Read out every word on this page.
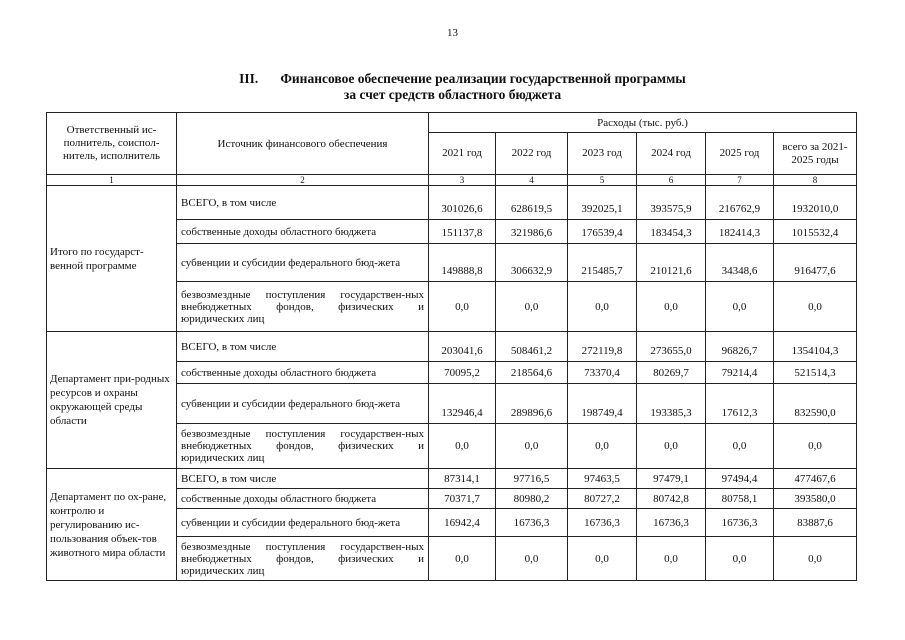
13
III. Финансовое обеспечение реализации государственной программы
за счет средств областного бюджета
Ответственный ис-полнитель, соиспол-нитель, исполнитель	Источник финансового обеспечения	Расходы (тыс. руб.)					
		2021 год	2022 год	2023 год	2024 год	2025 год	всего за 2021-2025 годы
1	2	3	4	5	6	7	8
Итого по государст-венной программе	ВСЕГО, в том числе	301026,6	628619,5	392025,1	393575,9	216762,9	1932010,0
	собственные доходы областного бюджета	151137,8	321986,6	176539,4	183454,3	182414,3	1015532,4
	субвенции и субсидии федерального бюд-жета	149888,8	306632,9	215485,7	210121,6	34348,6	916477,6
	безвозмездные поступления государствен-ных внебюджетных фондов, физических и юридических лиц	0,0	0,0	0,0	0,0	0,0	0,0
Департамент при-родных ресурсов и охраны окружающей среды области	ВСЕГО, в том числе	203041,6	508461,2	272119,8	273655,0	96826,7	1354104,3
	собственные доходы областного бюджета	70095,2	218564,6	73370,4	80269,7	79214,4	521514,3
	субвенции и субсидии федерального бюд-жета	132946,4	289896,6	198749,4	193385,3	17612,3	832590,0
	безвозмездные поступления государствен-ных внебюджетных фондов, физических и юридических лиц	0,0	0,0	0,0	0,0	0,0	0,0
Департамент по ох-ране, контролю и регулированию ис-пользования объек-тов животного мира области	ВСЕГО, в том числе	87314,1	97716,5	97463,5	97479,1	97494,4	477467,6
	собственные доходы областного бюджета	70371,7	80980,2	80727,2	80742,8	80758,1	393580,0
	субвенции и субсидии федерального бюд-жета	16942,4	16736,3	16736,3	16736,3	16736,3	83887,6
	безвозмездные поступления государствен-ных внебюджетных фондов, физических и юридических лиц	0,0	0,0	0,0	0,0	0,0	0,0
